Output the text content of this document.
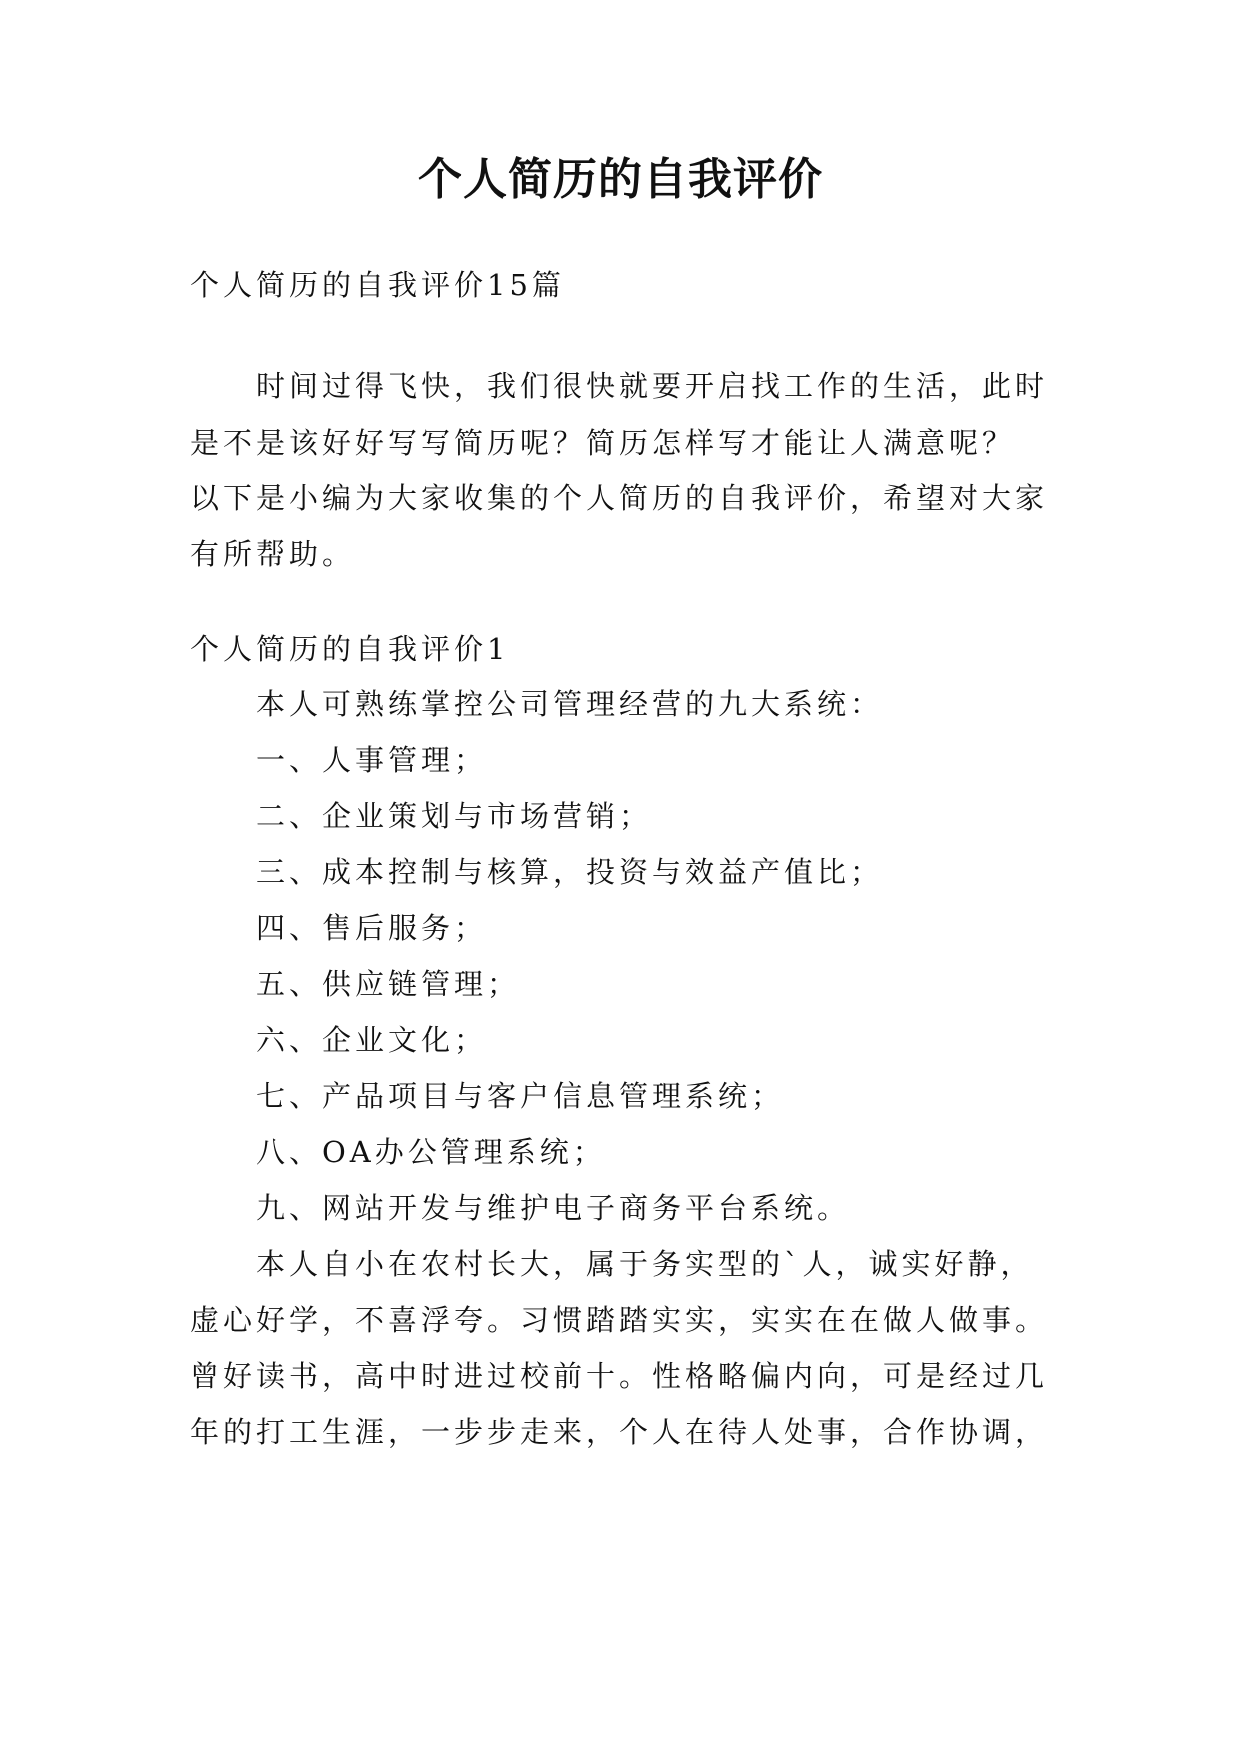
个人简历的自我评价
个人简历的自我评价15篇
时间过得飞快，我们很快就要开启找工作的生活，此时
是不是该好好写写简历呢？简历怎样写才能让人满意呢？
以下是小编为大家收集的个人简历的自我评价，希望对大家
有所帮助。
个人简历的自我评价1
本人可熟练掌控公司管理经营的九大系统：
一、人事管理；
二、企业策划与市场营销；
三、成本控制与核算，投资与效益产值比；
四、售后服务；
五、供应链管理；
六、企业文化；
七、产品项目与客户信息管理系统；
八、OA办公管理系统；
九、网站开发与维护电子商务平台系统。
本人自小在农村长大，属于务实型的`人，诚实好静，
虚心好学，不喜浮夸。习惯踏踏实实，实实在在做人做事。
曾好读书，高中时进过校前十。性格略偏内向，可是经过几
年的打工生涯，一步步走来，个人在待人处事，合作协调，
